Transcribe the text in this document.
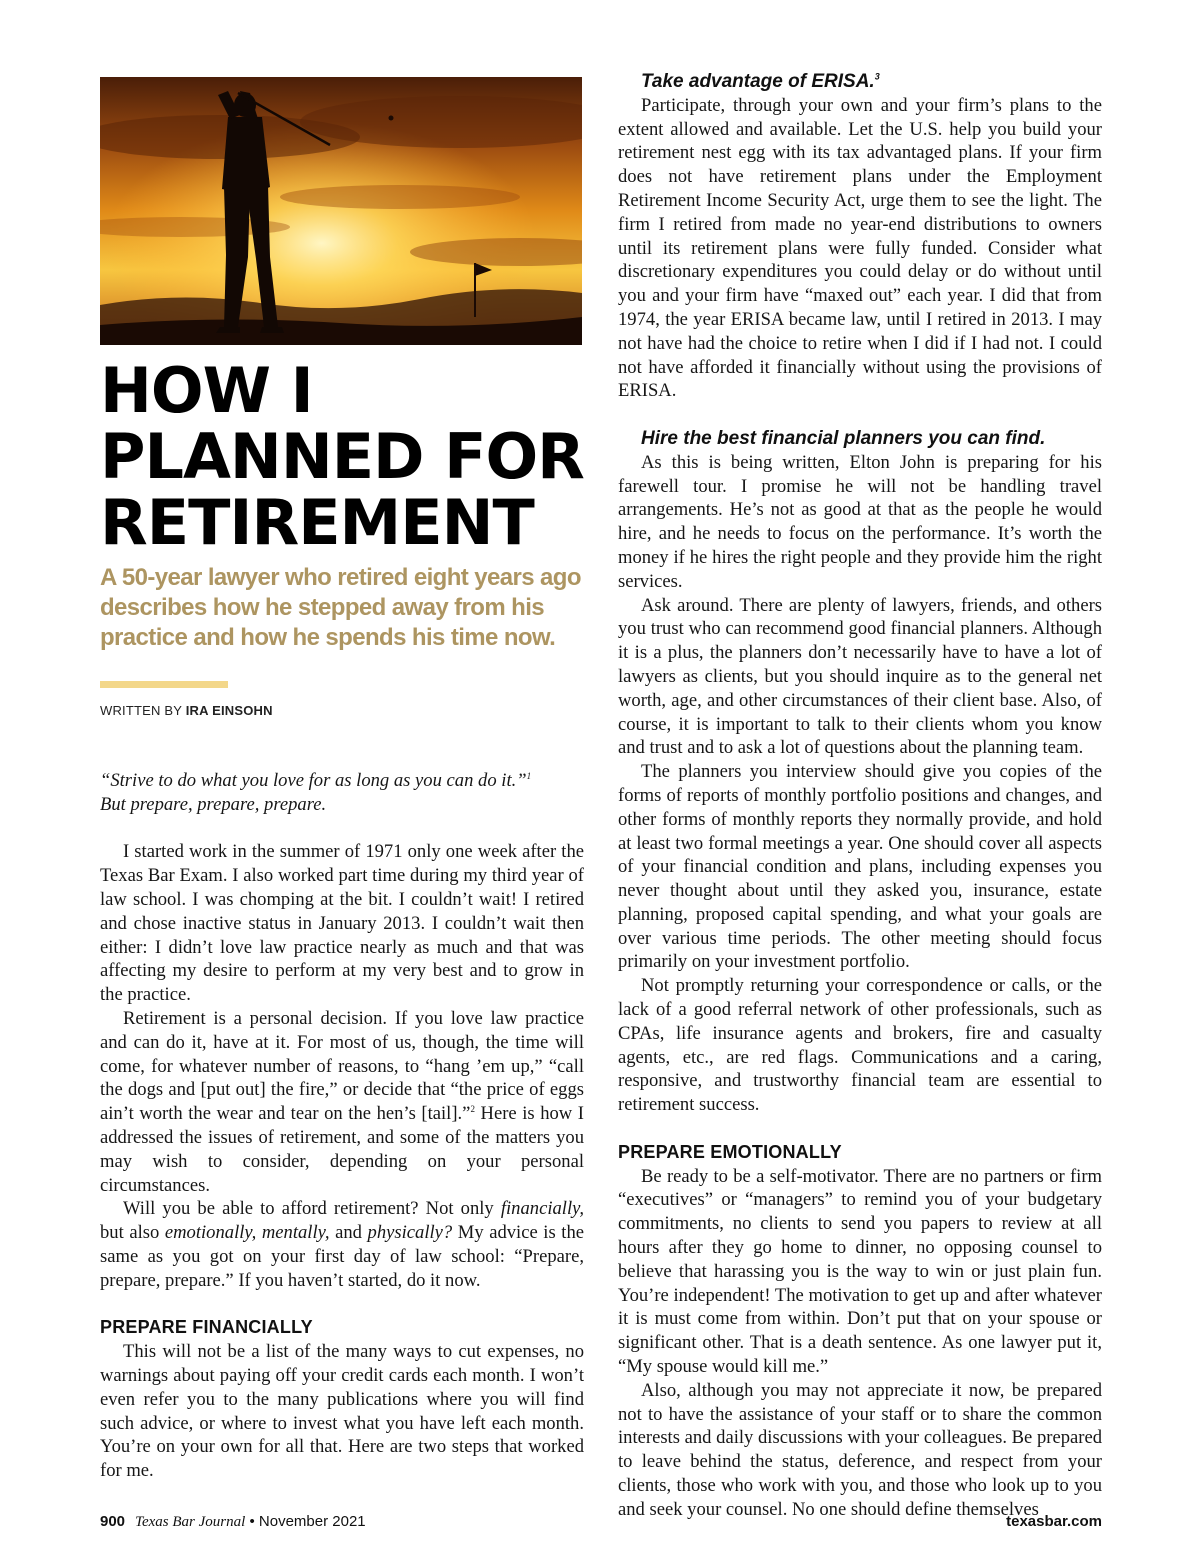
HOW I
PLANNED FOR
RETIREMENT

A 50-year lawyer who retired eight years ago describes how he stepped away from his practice and how he spends his time now.

WRITTEN BY IRA EINSOHN

“Strive to do what you love for as long as you can do it.”$^1$
But prepare, prepare, prepare.

I started work in the summer of 1971 only one week after the Texas Bar Exam. I also worked part time during my third year of law school. I was chomping at the bit. I couldn’t wait! I retired and chose inactive status in January 2013. I couldn’t wait then either: I didn’t love law practice nearly as much and that was affecting my desire to perform at my very best and to grow in the practice.

Retirement is a personal decision. If you love law practice and can do it, have at it. For most of us, though, the time will come, for whatever number of reasons, to “hang ’em up,” “call the dogs and [put out] the fire,” or decide that “the price of eggs ain’t worth the wear and tear on the hen’s [tail].”$^2$ Here is how I addressed the issues of retirement, and some of the matters you may wish to consider, depending on your personal circumstances.

Will you be able to afford retirement? Not only financially, but also emotionally, mentally, and physically? My advice is the same as you got on your first day of law school: “Prepare, prepare, prepare.” If you haven’t started, do it now.

PREPARE FINANCIALLY

This will not be a list of the many ways to cut expenses, no warnings about paying off your credit cards each month. I won’t even refer you to the many publications where you will find such advice, or where to invest what you have left each month. You’re on your own for all that. Here are two steps that worked for me.

Take advantage of ERISA.$^3$

Participate, through your own and your firm’s plans to the extent allowed and available. Let the U.S. help you build your retirement nest egg with its tax advantaged plans. If your firm does not have retirement plans under the Employment Retirement Income Security Act, urge them to see the light. The firm I retired from made no year-end distributions to owners until its retirement plans were fully funded. Consider what discretionary expenditures you could delay or do without until you and your firm have “maxed out” each year. I did that from 1974, the year ERISA became law, until I retired in 2013. I may not have had the choice to retire when I did if I had not. I could not have afforded it financially without using the provisions of ERISA.

Hire the best financial planners you can find.

As this is being written, Elton John is preparing for his farewell tour. I promise he will not be handling travel arrangements. He’s not as good at that as the people he would hire, and he needs to focus on the performance. It’s worth the money if he hires the right people and they provide him the right services.

Ask around. There are plenty of lawyers, friends, and others you trust who can recommend good financial planners. Although it is a plus, the planners don’t necessarily have to have a lot of lawyers as clients, but you should inquire as to the general net worth, age, and other circumstances of their client base. Also, of course, it is important to talk to their clients whom you know and trust and to ask a lot of questions about the planning team.

The planners you interview should give you copies of the forms of reports of monthly portfolio positions and changes, and other forms of monthly reports they normally provide, and hold at least two formal meetings a year. One should cover all aspects of your financial condition and plans, including expenses you never thought about until they asked you, insurance, estate planning, proposed capital spending, and what your goals are over various time periods. The other meeting should focus primarily on your investment portfolio.

Not promptly returning your correspondence or calls, or the lack of a good referral network of other professionals, such as CPAs, life insurance agents and brokers, fire and casualty agents, etc., are red flags. Communications and a caring, responsive, and trustworthy financial team are essential to retirement success.

PREPARE EMOTIONALLY

Be ready to be a self-motivator. There are no partners or firm “executives” or “managers” to remind you of your budgetary commitments, no clients to send you papers to review at all hours after they go home to dinner, no opposing counsel to believe that harassing you is the way to win or just plain fun. You’re independent! The motivation to get up and after whatever it is must come from within. Don’t put that on your spouse or significant other. That is a death sentence. As one lawyer put it, “My spouse would kill me.”

Also, although you may not appreciate it now, be prepared not to have the assistance of your staff or to share the common interests and daily discussions with your colleagues. Be prepared to leave behind the status, deference, and respect from your clients, those who work with you, and those who look up to you and seek your counsel. No one should define themselves

900 Texas Bar Journal • November 2021	texasbar.com
